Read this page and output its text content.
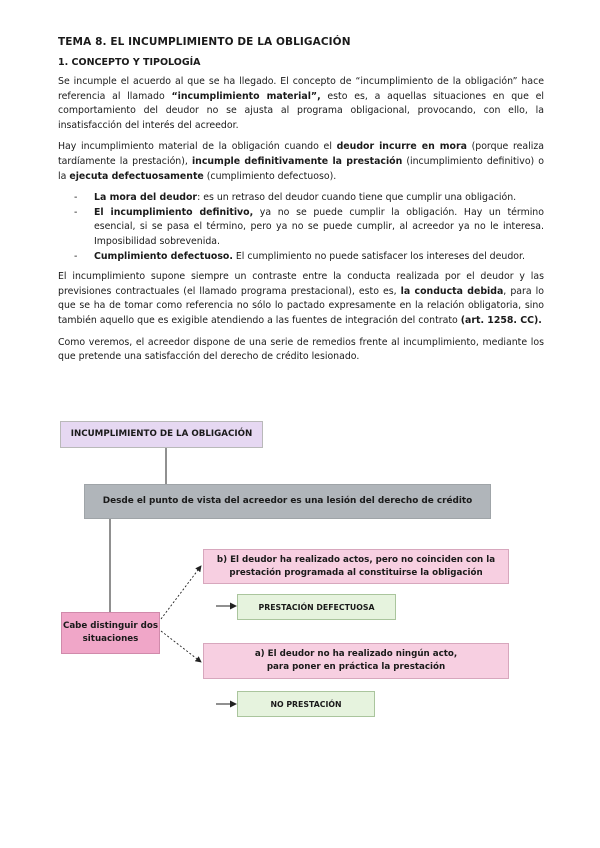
TEMA 8. EL INCUMPLIMIENTO DE LA OBLIGACIÓN
1. CONCEPTO Y TIPOLOGÍA

Se incumple el acuerdo al que se ha llegado. El concepto de “incumplimiento de la obligación” hace referencia al llamado “incumplimiento material”, esto es, a aquellas situaciones en que el comportamiento del deudor no se ajusta al programa obligacional, provocando, con ello, la insatisfacción del interés del acreedor.

Hay incumplimiento material de la obligación cuando el deudor incurre en mora (porque realiza tardíamente la prestación), incumple definitivamente la prestación (incumplimiento definitivo) o la ejecuta defectuosamente (cumplimiento defectuoso).

- La mora del deudor: es un retraso del deudor cuando tiene que cumplir una obligación.
- El incumplimiento definitivo, ya no se puede cumplir la obligación. Hay un término esencial, si se pasa el término, pero ya no se puede cumplir, al acreedor ya no le interesa. Imposibilidad sobrevenida.
- Cumplimiento defectuoso. El cumplimiento no puede satisfacer los intereses del deudor.

El incumplimiento supone siempre un contraste entre la conducta realizada por el deudor y las previsiones contractuales (el llamado programa prestacional), esto es, la conducta debida, para lo que se ha de tomar como referencia no sólo lo pactado expresamente en la relación obligatoria, sino también aquello que es exigible atendiendo a las fuentes de integración del contrato (art. 1258. CC).

Como veremos, el acreedor dispone de una serie de remedios frente al incumplimiento, mediante los que pretende una satisfacción del derecho de crédito lesionado.

INCUMPLIMIENTO DE LA OBLIGACIÓN
Desde el punto de vista del acreedor es una lesión del derecho de crédito
Cabe distinguir dos situaciones
b) El deudor ha realizado actos, pero no coinciden con la prestación programada al constituirse la obligación
PRESTACIÓN DEFECTUOSA
a) El deudor no ha realizado ningún acto, para poner en práctica la prestación
NO PRESTACIÓN
